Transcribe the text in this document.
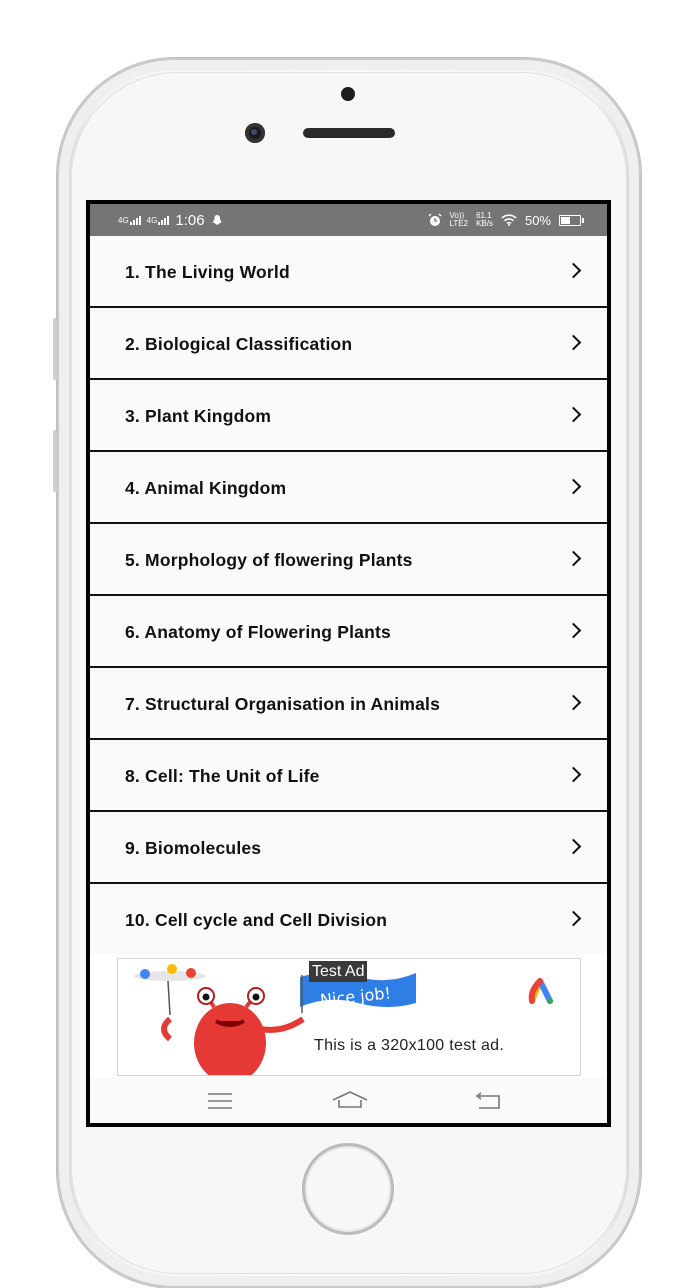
4G 4G 1:06	Vo))
LTE2
61.1
KB/s 50%
1. The Living World
2. Biological Classification
3. Plant Kingdom
4. Animal Kingdom
5. Morphology of flowering Plants
6. Anatomy of Flowering Plants
7. Structural Organisation in Animals
8. Cell: The Unit of Life
9. Biomolecules
10. Cell cycle and Cell Division
Nice job!
Test Ad
This is a 320x100 test ad.
